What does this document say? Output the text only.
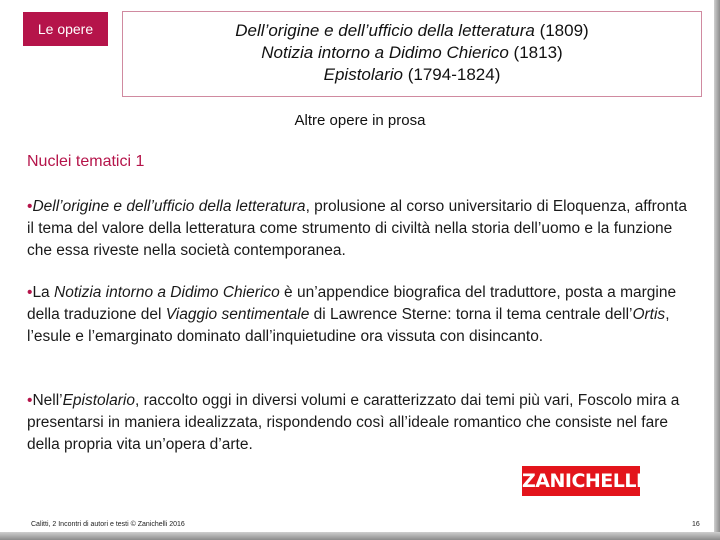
Le opere	Dell’origine e dell’ufficio della letteratura (1809)
Notizia intorno a Didimo Chierico (1813)
Epistolario (1794-1824)
Altre opere in prosa
Nuclei tematici 1
•Dell’origine e dell’ufficio della letteratura, prolusione al corso universitario di Eloquenza, affronta il tema del valore della letteratura come strumento di civiltà nella storia dell’uomo e la funzione che essa riveste nella società contemporanea.
•La Notizia intorno a Didimo Chierico è un’appendice biografica del traduttore, posta a margine della traduzione del Viaggio sentimentale di Lawrence Sterne: torna il tema centrale dell’Ortis, l’esule e l’emarginato dominato dall’inquietudine ora vissuta con disincanto.
•Nell’Epistolario, raccolto oggi in diversi volumi e caratterizzato dai temi più vari, Foscolo mira a presentarsi in maniera idealizzata, rispondendo così all’ideale romantico che consiste nel fare della propria vita un’opera d’arte.
ZANICHELLI
Calitti, 2 Incontri di autori e testi © Zanichelli 2016	16
